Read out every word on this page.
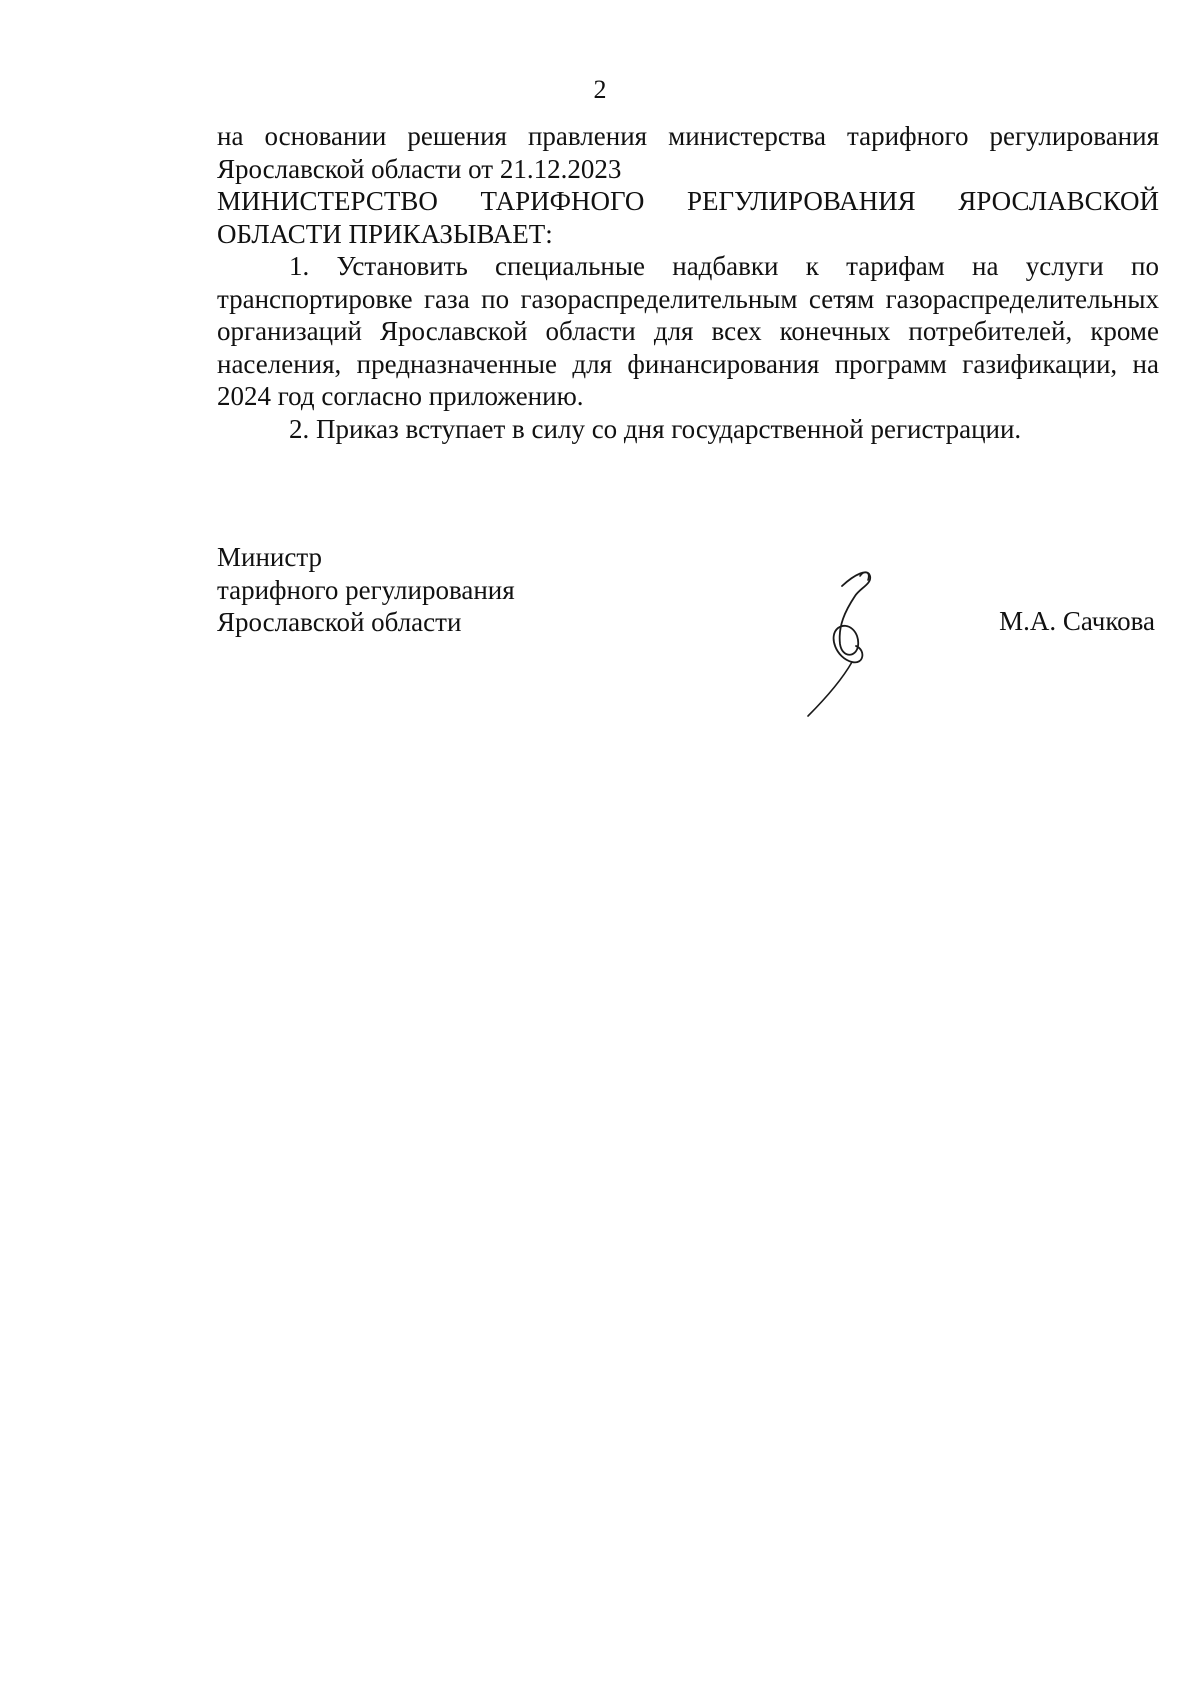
2

на основании решения правления министерства тарифного регулирования

Ярославской области от 21.12.2023

МИНИСТЕРСТВО ТАРИФНОГО РЕГУЛИРОВАНИЯ ЯРОСЛАВСКОЙ

ОБЛАСТИ ПРИКАЗЫВАЕТ:

1. Установить специальные надбавки к тарифам на услуги по транспортировке газа по газораспределительным сетям газораспределительных организаций Ярославской области для всех конечных потребителей, кроме населения, предназначенные для финансирования программ газификации, на 2024 год согласно приложению.

2. Приказ вступает в силу со дня государственной регистрации.

Министр
тарифного регулирования
Ярославской области	М.А. Сачкова
